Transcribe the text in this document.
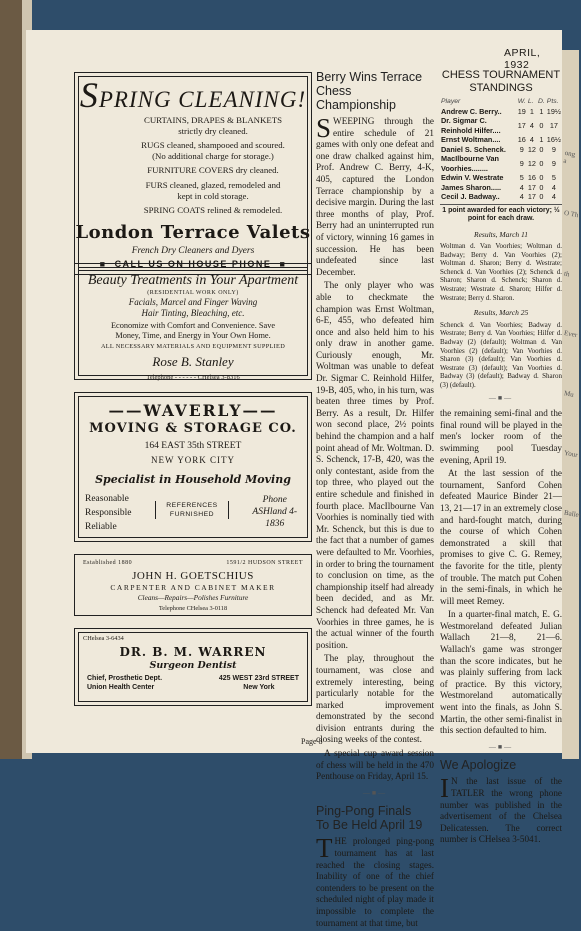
SPRING CLEANING!
CURTAINS, DRAPES & BLANKETS
strictly dry cleaned.
RUGS cleaned, shampooed and scoured.
(No additional charge for storage.)
FURNITURE COVERS dry cleaned.
FURS cleaned, glazed, remodeled and
kept in cold storage.
SPRING COATS relined & remodeled.
London Terrace Valets
French Dry Cleaners and Dyers
■ CALL US ON HOUSE PHONE ■
Beauty Treatments in Your Apartment
(RESIDENTIAL WORK ONLY)
Facials, Marcel and Finger Waving
Hair Tinting, Bleaching, etc.
Economize with Comfort and Convenience. Save
Money, Time, and Energy in Your Own Home.
ALL NECESSARY MATERIALS AND EQUIPMENT SUPPLIED
Rose B. Stanley
Telephone - - - - - - CHelsea 3-8316
——WAVERLY——
MOVING & STORAGE CO.
164 EAST 35th STREET
NEW YORK CITY
Specialist in Household Moving
Reasonable
Responsible
Reliable
REFERENCES
FURNISHED
Phone
ASHland 4-
1836
Established 1880	1591/2 HUDSON STREET
JOHN H. GOETSCHIUS
CARPENTER AND CABINET MAKER
Cleans—Repairs—Polishes Furniture
Telephone CHelsea 3-0118
CHelsea 3-6434
DR. B. M. WARREN
Surgeon Dentist
Chief, Prosthetic Dept.
Union Health Center
425 WEST 23rd STREET
New York
Berry Wins Terrace
Chess Championship

SWEEPING through the entire schedule of 21 games with only one defeat and one draw chalked against him, Prof. Andrew C. Berry, 4-K, 405, captured the London Terrace championship by a decisive margin. During the last three months of play, Prof. Berry had an uninterrupted run of victory, winning 16 games in succession. He has been undefeated since last December.

The only player who was able to checkmate the champion was Ernst Woltman, 6-E, 455, who defeated him once and also held him to his only draw in another game. Curiously enough, Mr. Woltman was unable to defeat Dr. Sigmar C. Reinhold Hilfer, 19-B, 405, who, in his turn, was beaten three times by Prof. Berry. As a result, Dr. Hilfer won second place, 2½ points behind the champion and a half point ahead of Mr. Woltman. D. S. Schenck, 17-B, 420, was the only contestant, aside from the top three, who played out the entire schedule and finished in fourth place. MacIlbourne Van Voorhies is nominally tied with Mr. Schenck, but this is due to the fact that a number of games were defaulted to Mr. Voorhies, in order to bring the tournament to conclusion on time, as the championship itself had already been decided, and as Mr. Schenck had defeated Mr. Van Voorhies in three games, he is the actual winner of the fourth position.

The play, throughout the tournament, was close and extremely interesting, being particularly notable for the marked improvement demonstrated by the second division entrants during the closing weeks of the contest.

A special cup award session of chess will be held in the 470 Penthouse on Friday, April 15.

—■—
Ping-Pong Finals
To Be Held April 19

THE prolonged ping-pong tournament has at last reached the closing stages. Inability of one of the chief contenders to be present on the scheduled night of play made it impossible to complete the tournament at that time, but

APRIL, 1932
CHESS TOURNAMENT
STANDINGS
Player	W.	L.	D.	Pts.
Andrew C. Berry..	19	1	1	19½
Dr. Sigmar C. Reinhold Hilfer....	17	4	0	17
Ernst Woltman....	16	4	1	16½
Daniel S. Schenck.	9	12	0	9
MacIlbourne Van Voorhies........	9	12	0	9
Edwin V. Westrate	5	16	0	5
James Sharon.....	4	17	0	4
Cecil J. Badway..	4	17	0	4
1 point awarded for each victory; ½ point for each draw.
Results, March 11
Woltman d. Van Voorhies; Woltman d. Badway; Berry d. Van Voorhies (2); Woltman d. Sharon; Berry d. Westrate; Schenck d. Van Voorhies (2); Schenck d. Sharon; Sharon d. Schenck; Sharon d. Westrate; Westrate d. Sharon; Hilfer d. Westrate; Berry d. Sharon.
Results, March 25
Schenck d. Van Voorhies; Badway d. Westrate; Berry d. Van Voorhies; Hilfer d. Badway (2) (default); Woltman d. Van Voorhies (2) (default); Van Voorhies d. Sharon (3) (default); Van Voorhies d. Westrate (3) (default); Van Voorhies d. Badway (3) (default); Badway d. Sharon (3) (default).
—■—

the remaining semi-final and the final round will be played in the men's locker room of the swimming pool Tuesday evening, April 19.

At the last session of the tournament, Sanford Cohen defeated Maurice Binder 21—13, 21—17 in an extremely close and hard-fought match, during the course of which Cohen demonstrated a skill that promises to give C. G. Remey, the favorite for the title, plenty of trouble. The match put Cohen in the semi-finals, in which he will meet Remey.

In a quarter-final match, E. G. Westmoreland defeated Julian Wallach 21—8, 21—6. Wallach's game was stronger than the score indicates, but he was plainly suffering from lack of practice. By this victory, Westmoreland automatically went into the finals, as John S. Martin, the other semi-finalist in this section defaulted to him.

—■—
We Apologize

I N the last issue of the TATLER the wrong phone number was published in the advertisement of the Chelsea Delicatessen. The correct number is CHelsea 3-5041.

Page 8
ong a
O Th
th
Ever
Mu
Your
Ballet
